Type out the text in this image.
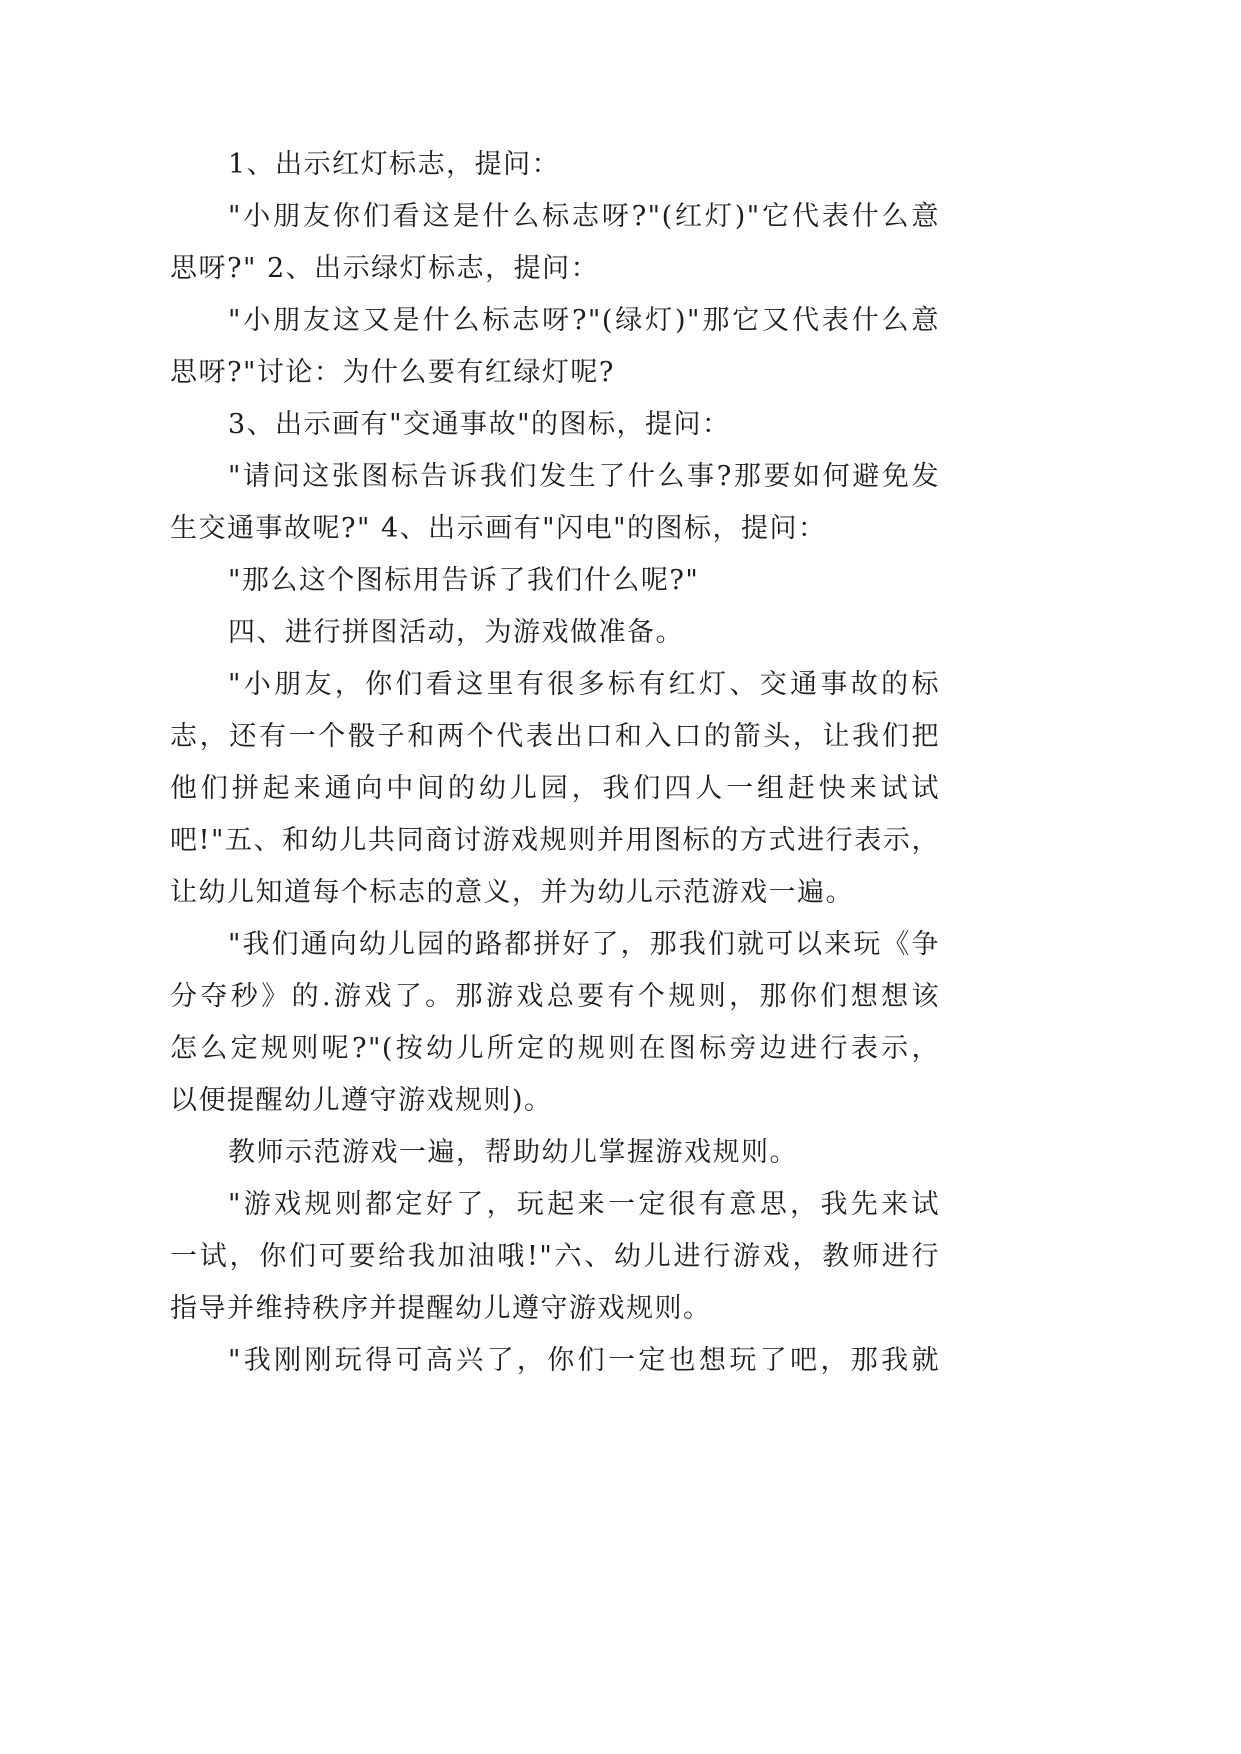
1、出示红灯标志，提问：
"小朋友你们看这是什么标志呀?"(红灯)"它代表什么意
思呀?" 2、出示绿灯标志，提问：
"小朋友这又是什么标志呀?"(绿灯)"那它又代表什么意
思呀?"讨论：为什么要有红绿灯呢?
3、出示画有"交通事故"的图标，提问：
"请问这张图标告诉我们发生了什么事?那要如何避免发
生交通事故呢?" 4、出示画有"闪电"的图标，提问：
"那么这个图标用告诉了我们什么呢?"
四、进行拼图活动，为游戏做准备。
"小朋友，你们看这里有很多标有红灯、交通事故的标
志，还有一个骰子和两个代表出口和入口的箭头，让我们把
他们拼起来通向中间的幼儿园，我们四人一组赶快来试试
吧!"五、和幼儿共同商讨游戏规则并用图标的方式进行表示，
让幼儿知道每个标志的意义，并为幼儿示范游戏一遍。
"我们通向幼儿园的路都拼好了，那我们就可以来玩《争
分夺秒》的.游戏了。那游戏总要有个规则，那你们想想该
怎么定规则呢?"(按幼儿所定的规则在图标旁边进行表示，
以便提醒幼儿遵守游戏规则)。
教师示范游戏一遍，帮助幼儿掌握游戏规则。
"游戏规则都定好了，玩起来一定很有意思，我先来试
一试，你们可要给我加油哦!"六、幼儿进行游戏，教师进行
指导并维持秩序并提醒幼儿遵守游戏规则。
"我刚刚玩得可高兴了，你们一定也想玩了吧，那我就
